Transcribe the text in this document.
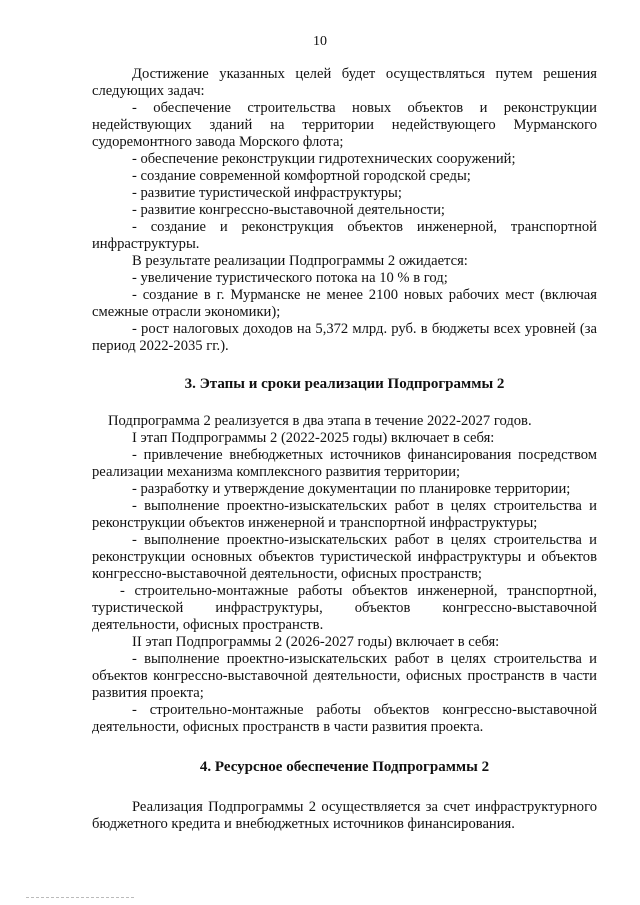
10

Достижение указанных целей будет осуществляться путем решения следующих задач:

- обеспечение строительства новых объектов и реконструкции недействующих зданий на территории недействующего Мурманского судоремонтного завода Морского флота;

- обеспечение реконструкции гидротехнических сооружений;

- создание современной комфортной городской среды;

- развитие туристической инфраструктуры;

- развитие конгрессно-выставочной деятельности;

- создание и реконструкция объектов инженерной, транспортной инфраструктуры.

В результате реализации Подпрограммы 2 ожидается:

- увеличение туристического потока на 10 % в год;

- создание в г. Мурманске не менее 2100 новых рабочих мест (включая смежные отрасли экономики);

- рост налоговых доходов на 5,372 млрд. руб. в бюджеты всех уровней (за период 2022-2035 гг.).

3. Этапы и сроки реализации Подпрограммы 2

Подпрограмма 2 реализуется в два этапа в течение 2022-2027 годов.

I этап Подпрограммы 2 (2022-2025 годы) включает в себя:

- привлечение внебюджетных источников финансирования посредством реализации механизма комплексного развития территории;

- разработку и утверждение документации по планировке территории;

- выполнение проектно-изыскательских работ в целях строительства и реконструкции объектов инженерной и транспортной инфраструктуры;

- выполнение проектно-изыскательских работ в целях строительства и реконструкции основных объектов туристической инфраструктуры и объектов конгрессно-выставочной деятельности, офисных пространств;

- строительно-монтажные работы объектов инженерной, транспортной, туристической инфраструктуры, объектов конгрессно-выставочной деятельности, офисных пространств.

II этап Подпрограммы 2 (2026-2027 годы) включает в себя:

- выполнение проектно-изыскательских работ в целях строительства и объектов конгрессно-выставочной деятельности, офисных пространств в части развития проекта;

- строительно-монтажные работы объектов конгрессно-выставочной деятельности, офисных пространств в части развития проекта.

4. Ресурсное обеспечение Подпрограммы 2

Реализация Подпрограммы 2 осуществляется за счет инфраструктурного бюджетного кредита и внебюджетных источников финансирования.
